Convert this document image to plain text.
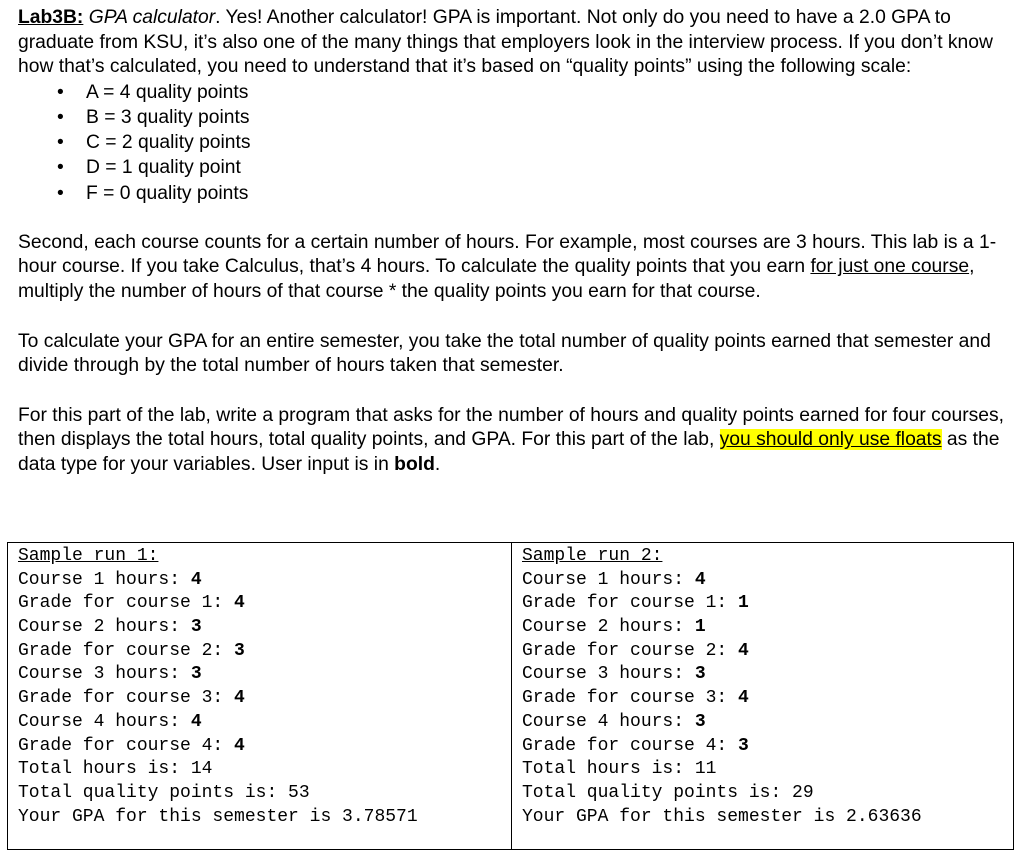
Lab3B: GPA calculator. Yes! Another calculator! GPA is important. Not only do you need to have a 2.0 GPA to graduate from KSU, it’s also one of the many things that employers look in the interview process. If you don’t know how that’s calculated, you need to understand that it’s based on “quality points” using the following scale:

• A = 4 quality points
• B = 3 quality points
• C = 2 quality points
• D = 1 quality point
• F = 0 quality points

Second, each course counts for a certain number of hours. For example, most courses are 3 hours. This lab is a 1-hour course. If you take Calculus, that’s 4 hours. To calculate the quality points that you earn for just one course, multiply the number of hours of that course * the quality points you earn for that course.

To calculate your GPA for an entire semester, you take the total number of quality points earned that semester and divide through by the total number of hours taken that semester.

For this part of the lab, write a program that asks for the number of hours and quality points earned for four courses, then displays the total hours, total quality points, and GPA. For this part of the lab, you should only use floats as the data type for your variables. User input is in bold.

Sample run 1:
Course 1 hours: 4
Grade for course 1: 4
Course 2 hours: 3
Grade for course 2: 3
Course 3 hours: 3
Grade for course 3: 4
Course 4 hours: 4
Grade for course 4: 4
Total hours is: 14
Total quality points is: 53
Your GPA for this semester is 3.78571
Sample run 2:
Course 1 hours: 4
Grade for course 1: 1
Course 2 hours: 1
Grade for course 2: 4
Course 3 hours: 3
Grade for course 3: 4
Course 4 hours: 3
Grade for course 4: 3
Total hours is: 11
Total quality points is: 29
Your GPA for this semester is 2.63636
